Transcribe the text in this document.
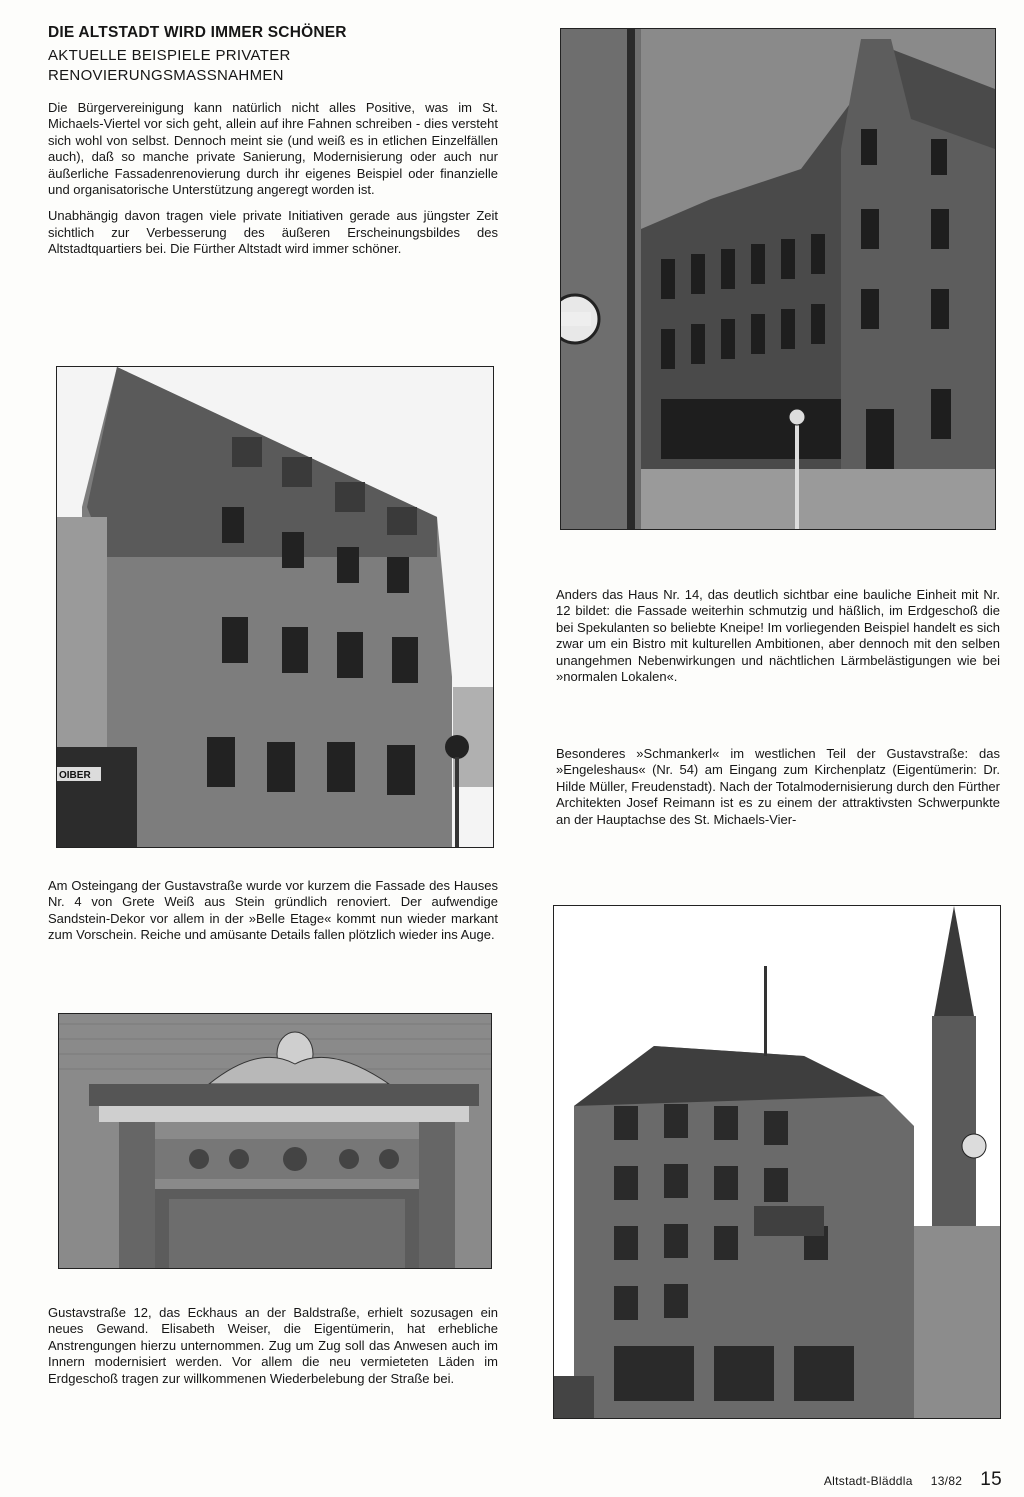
DIE ALTSTADT WIRD IMMER SCHÖNER
AKTUELLE BEISPIELE PRIVATER
RENOVIERUNGSMASSNAHMEN

Die Bürgervereinigung kann natürlich nicht alles Positive, was im St. Michaels-Viertel vor sich geht, allein auf ihre Fahnen schreiben - dies versteht sich wohl von selbst. Dennoch meint sie (und weiß es in etlichen Einzelfällen auch), daß so manche private Sanierung, Modernisierung oder auch nur äußerliche Fassadenrenovierung durch ihr eigenes Beispiel oder finanzielle und organisatorische Unterstützung angeregt worden ist.

Unabhängig davon tragen viele private Initiativen gerade aus jüngster Zeit sichtlich zur Verbesserung des äußeren Erscheinungsbildes des Altstadtquartiers bei. Die Fürther Altstadt wird immer schöner.

OIBER

Anders das Haus Nr. 14, das deutlich sichtbar eine bauliche Einheit mit Nr. 12 bildet: die Fassade weiterhin schmutzig und häßlich, im Erdgeschoß die bei Spekulanten so beliebte Kneipe! Im vorliegenden Beispiel handelt es sich zwar um ein Bistro mit kulturellen Ambitionen, aber dennoch mit den selben unangehmen Nebenwirkungen und nächtlichen Lärmbelästigungen wie bei »normalen Lokalen«.

Besonderes »Schmankerl« im westlichen Teil der Gustavstraße: das »Engeleshaus« (Nr. 54) am Eingang zum Kirchenplatz (Eigentümerin: Dr. Hilde Müller, Freudenstadt). Nach der Totalmodernisierung durch den Fürther Architekten Josef Reimann ist es zu einem der attraktivsten Schwerpunkte an der Hauptachse des St. Michaels-Vier-

Am Osteingang der Gustavstraße wurde vor kurzem die Fassade des Hauses Nr. 4 von Grete Weiß aus Stein gründlich renoviert. Der aufwendige Sandstein-Dekor vor allem in der »Belle Etage« kommt nun wieder markant zum Vorschein. Reiche und amüsante Details fallen plötzlich wieder ins Auge.

Gustavstraße 12, das Eckhaus an der Baldstraße, erhielt sozusagen ein neues Gewand. Elisabeth Weiser, die Eigentümerin, hat erhebliche Anstrengungen hierzu unternommen. Zug um Zug soll das Anwesen auch im Innern modernisiert werden. Vor allem die neu vermieteten Läden im Erdgeschoß tragen zur willkommenen Wiederbelebung der Straße bei.

Altstadt-Bläddla 13/82 15
